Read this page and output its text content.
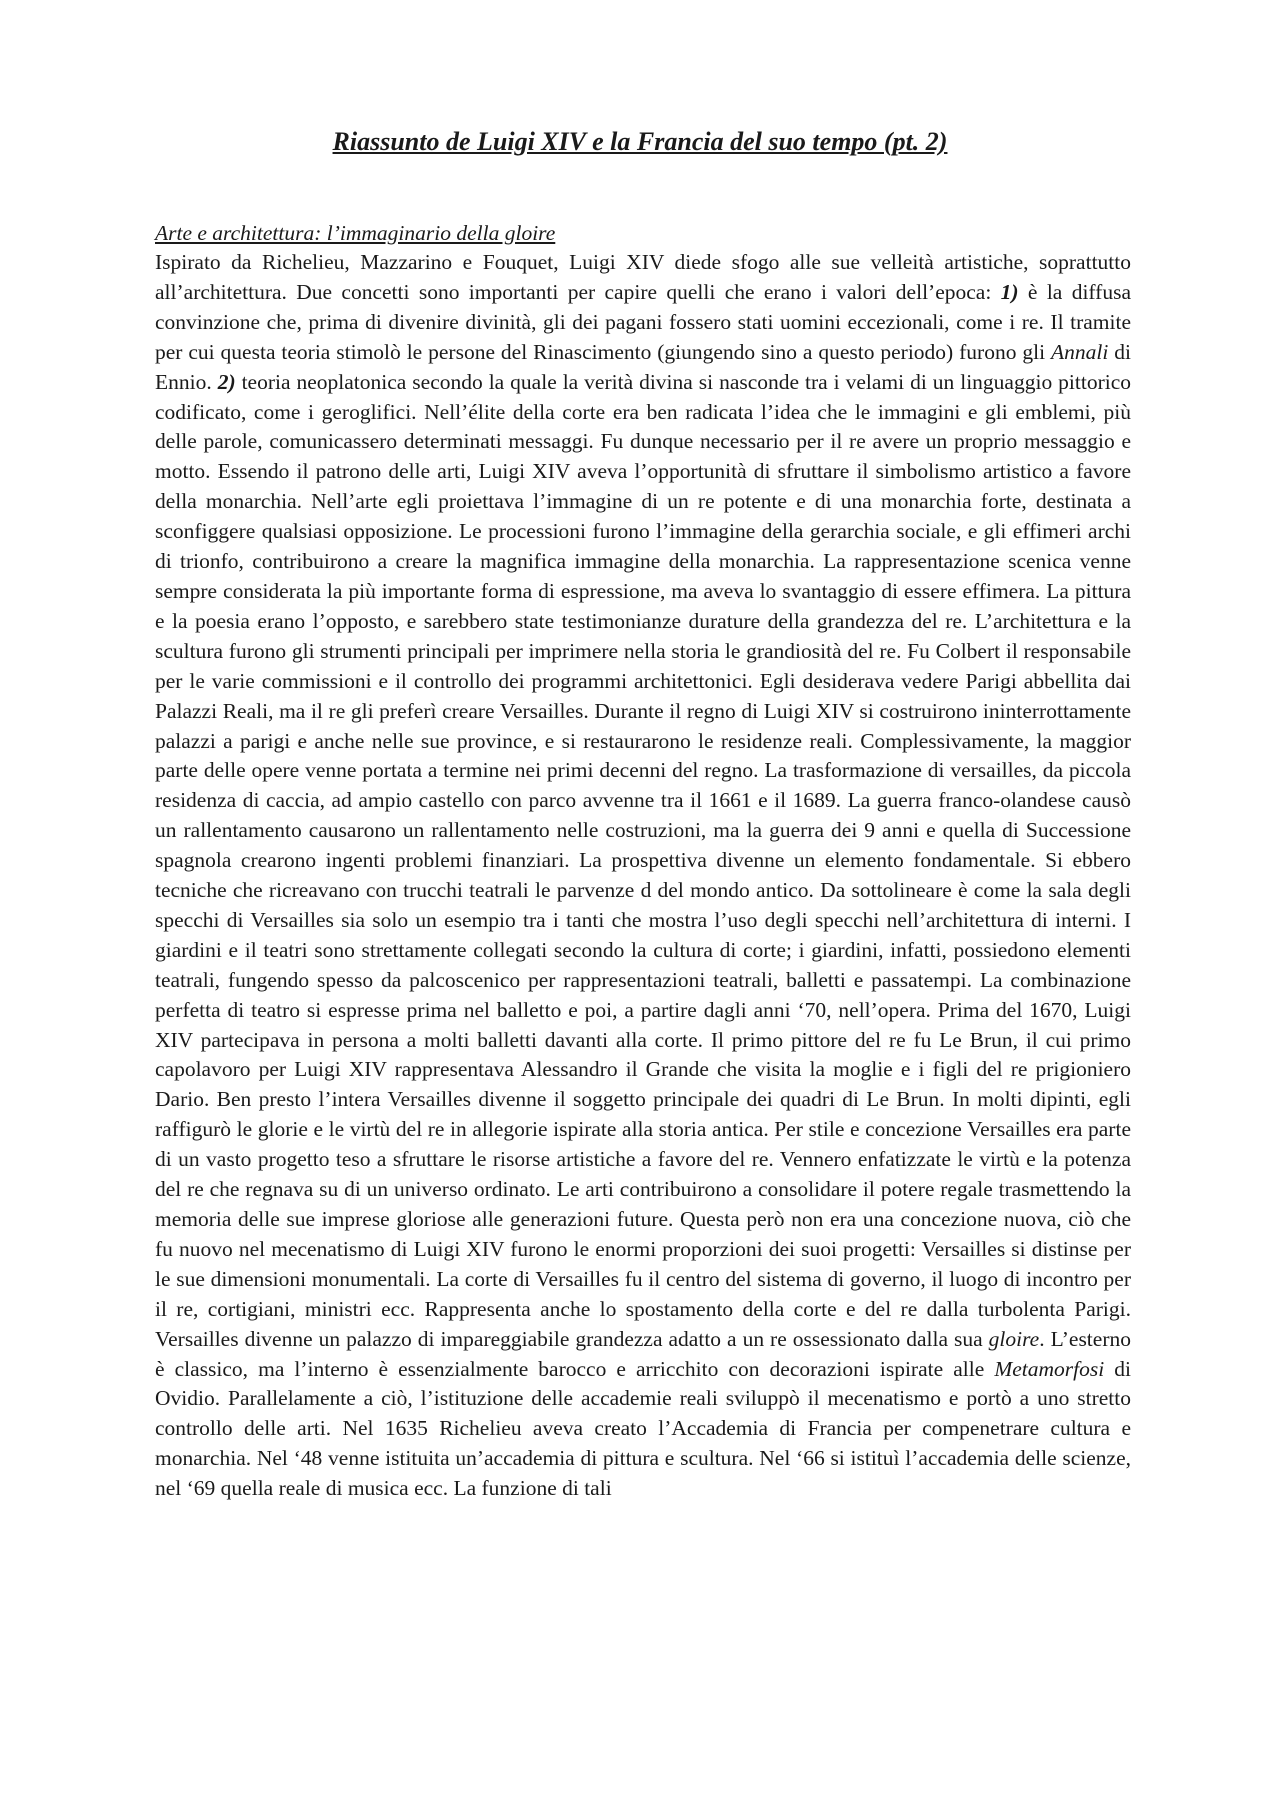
Riassunto de Luigi XIV e la Francia del suo tempo (pt. 2)
Arte e architettura: l’immaginario della gloire

Ispirato da Richelieu, Mazzarino e Fouquet, Luigi XIV diede sfogo alle sue velleità artistiche, soprattutto all’architettura. Due concetti sono importanti per capire quelli che erano i valori dell’epoca: 1) è la diffusa convinzione che, prima di divenire divinità, gli dei pagani fossero stati uomini eccezionali, come i re. Il tramite per cui questa teoria stimolò le persone del Rinascimento (giungendo sino a questo periodo) furono gli Annali di Ennio. 2) teoria neoplatonica secondo la quale la verità divina si nasconde tra i velami di un linguaggio pittorico codificato, come i geroglifici. Nell’élite della corte era ben radicata l’idea che le immagini e gli emblemi, più delle parole, comunicassero determinati messaggi. Fu dunque necessario per il re avere un proprio messaggio e motto. Essendo il patrono delle arti, Luigi XIV aveva l’opportunità di sfruttare il simbolismo artistico a favore della monarchia. Nell’arte egli proiettava l’immagine di un re potente e di una monarchia forte, destinata a sconfiggere qualsiasi opposizione. Le processioni furono l’immagine della gerarchia sociale, e gli effimeri archi di trionfo, contribuirono a creare la magnifica immagine della monarchia. La rappresentazione scenica venne sempre considerata la più importante forma di espressione, ma aveva lo svantaggio di essere effimera. La pittura e la poesia erano l’opposto, e sarebbero state testimonianze durature della grandezza del re. L’architettura e la scultura furono gli strumenti principali per imprimere nella storia le grandiosità del re. Fu Colbert il responsabile per le varie commissioni e il controllo dei programmi architettonici. Egli desiderava vedere Parigi abbellita dai Palazzi Reali, ma il re gli preferì creare Versailles. Durante il regno di Luigi XIV si costruirono ininterrottamente palazzi a parigi e anche nelle sue province, e si restaurarono le residenze reali. Complessivamente, la maggior parte delle opere venne portata a termine nei primi decenni del regno. La trasformazione di versailles, da piccola residenza di caccia, ad ampio castello con parco avvenne tra il 1661 e il 1689. La guerra franco-olandese causò un rallentamento causarono un rallentamento nelle costruzioni, ma la guerra dei 9 anni e quella di Successione spagnola crearono ingenti problemi finanziari. La prospettiva divenne un elemento fondamentale. Si ebbero tecniche che ricreavano con trucchi teatrali le parvenze d del mondo antico. Da sottolineare è come la sala degli specchi di Versailles sia solo un esempio tra i tanti che mostra l’uso degli specchi nell’architettura di interni. I giardini e il teatri sono strettamente collegati secondo la cultura di corte; i giardini, infatti, possiedono elementi teatrali, fungendo spesso da palcoscenico per rappresentazioni teatrali, balletti e passatempi. La combinazione perfetta di teatro si espresse prima nel balletto e poi, a partire dagli anni ‘70, nell’opera. Prima del 1670, Luigi XIV partecipava in persona a molti balletti davanti alla corte. Il primo pittore del re fu Le Brun, il cui primo capolavoro per Luigi XIV rappresentava Alessandro il Grande che visita la moglie e i figli del re prigioniero Dario. Ben presto l’intera Versailles divenne il soggetto principale dei quadri di Le Brun. In molti dipinti, egli raffigurò le glorie e le virtù del re in allegorie ispirate alla storia antica. Per stile e concezione Versailles era parte di un vasto progetto teso a sfruttare le risorse artistiche a favore del re. Vennero enfatizzate le virtù e la potenza del re che regnava su di un universo ordinato. Le arti contribuirono a consolidare il potere regale trasmettendo la memoria delle sue imprese gloriose alle generazioni future. Questa però non era una concezione nuova, ciò che fu nuovo nel mecenatismo di Luigi XIV furono le enormi proporzioni dei suoi progetti: Versailles si distinse per le sue dimensioni monumentali. La corte di Versailles fu il centro del sistema di governo, il luogo di incontro per il re, cortigiani, ministri ecc. Rappresenta anche lo spostamento della corte e del re dalla turbolenta Parigi. Versailles divenne un palazzo di impareggiabile grandezza adatto a un re ossessionato dalla sua gloire. L’esterno è classico, ma l’interno è essenzialmente barocco e arricchito con decorazioni ispirate alle Metamorfosi di Ovidio. Parallelamente a ciò, l’istituzione delle accademie reali sviluppò il mecenatismo e portò a uno stretto controllo delle arti. Nel 1635 Richelieu aveva creato l’Accademia di Francia per compenetrare cultura e monarchia. Nel ‘48 venne istituita un’accademia di pittura e scultura. Nel ‘66 si istituì l’accademia delle scienze, nel ‘69 quella reale di musica ecc. La funzione di tali
